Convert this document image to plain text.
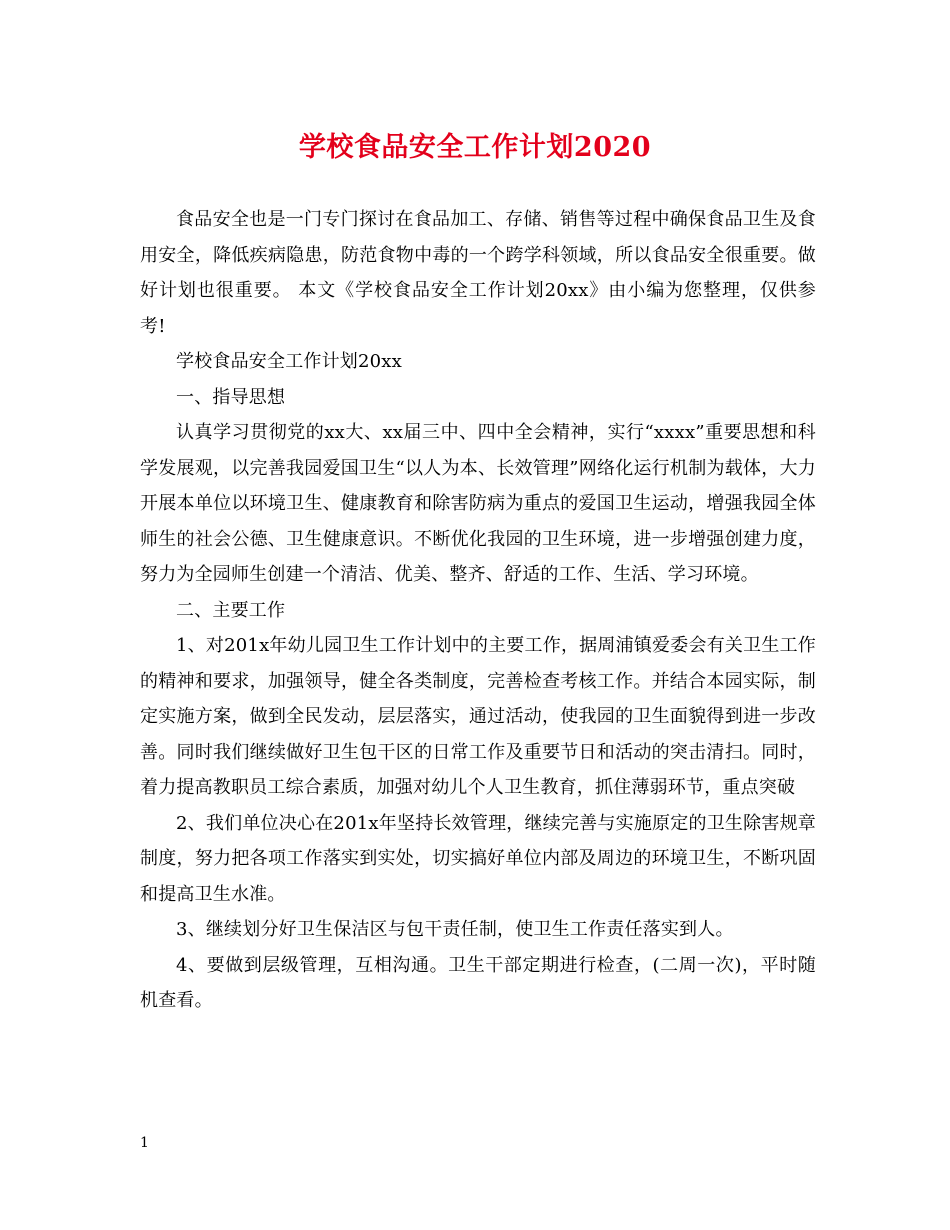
学校食品安全工作计划2020

食品安全也是一门专门探讨在食品加工、存储、销售等过程中确保食品卫生及食用安全，降低疾病隐患，防范食物中毒的一个跨学科领域，所以食品安全很重要。做好计划也很重要。 本文《学校食品安全工作计划20xx》由小编为您整理，仅供参考!

学校食品安全工作计划20xx

一、指导思想

认真学习贯彻党的xx大、xx届三中、四中全会精神，实行“xxxx”重要思想和科学发展观，以完善我园爱国卫生“以人为本、长效管理”网络化运行机制为载体，大力开展本单位以环境卫生、健康教育和除害防病为重点的爱国卫生运动，增强我园全体师生的社会公德、卫生健康意识。不断优化我园的卫生环境，进一步增强创建力度，努力为全园师生创建一个清洁、优美、整齐、舒适的工作、生活、学习环境。

二、主要工作

1、对201x年幼儿园卫生工作计划中的主要工作，据周浦镇爱委会有关卫生工作的精神和要求，加强领导，健全各类制度，完善检查考核工作。并结合本园实际，制定实施方案，做到全民发动，层层落实，通过活动，使我园的卫生面貌得到进一步改善。同时我们继续做好卫生包干区的日常工作及重要节日和活动的突击清扫。同时，着力提高教职员工综合素质，加强对幼儿个人卫生教育，抓住薄弱环节，重点突破

2、我们单位决心在201x年坚持长效管理，继续完善与实施原定的卫生除害规章制度，努力把各项工作落实到实处，切实搞好单位内部及周边的环境卫生，不断巩固和提高卫生水准。

3、继续划分好卫生保洁区与包干责任制，使卫生工作责任落实到人。

4、要做到层级管理，互相沟通。卫生干部定期进行检查，(二周一次)，平时随机查看。

1
